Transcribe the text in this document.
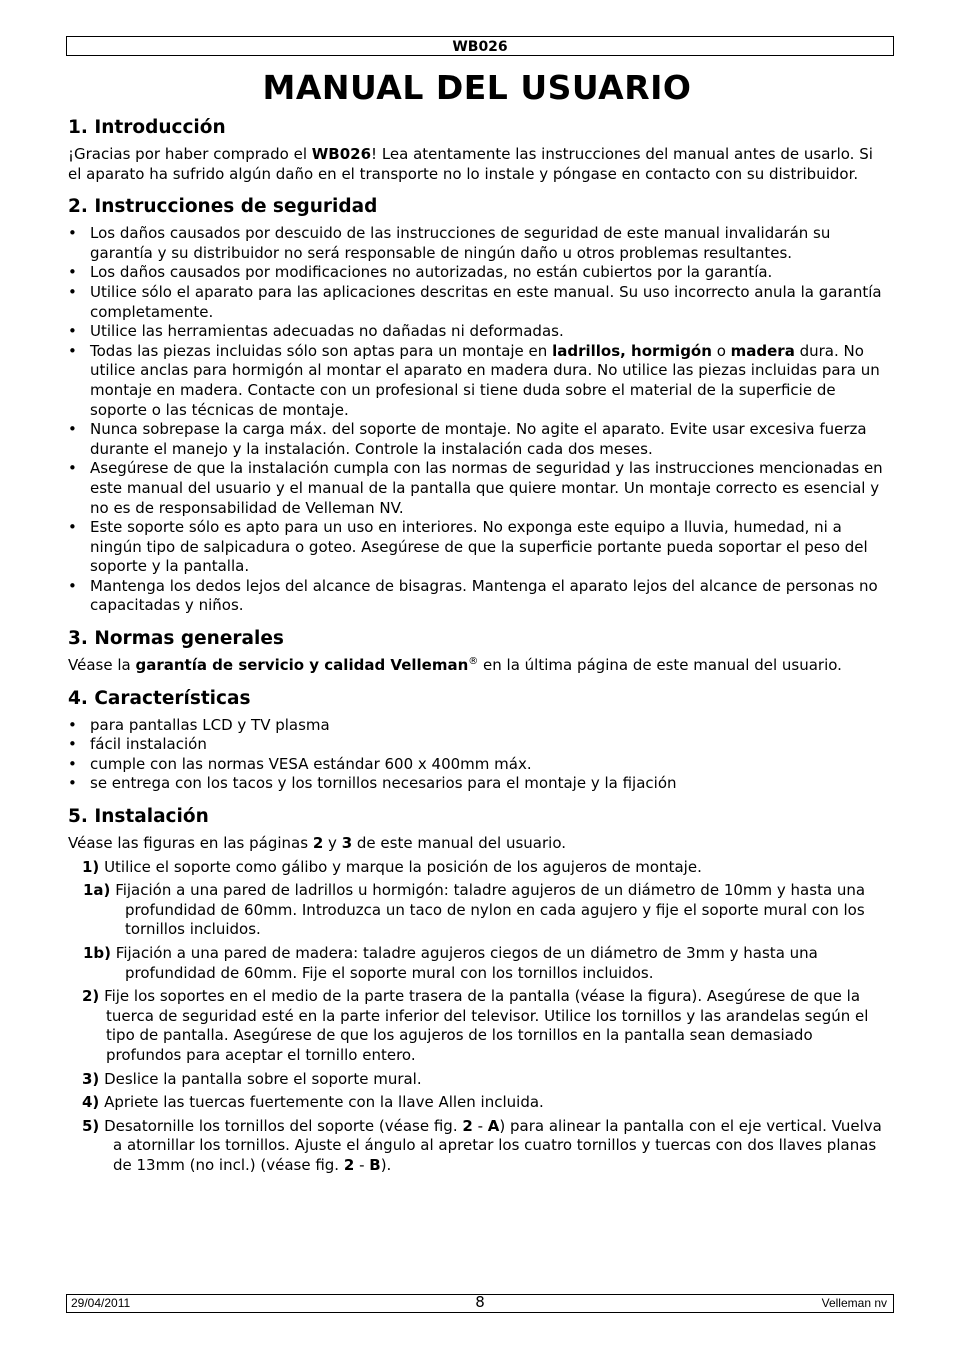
WB026
MANUAL DEL USUARIO
1. Introducción

¡Gracias por haber comprado el WB026! Lea atentamente las instrucciones del manual antes de usarlo. Si el aparato ha sufrido algún daño en el transporte no lo instale y póngase en contacto con su distribuidor.

2. Instrucciones de seguridad
• Los daños causados por descuido de las instrucciones de seguridad de este manual invalidarán su garantía y su distribuidor no será responsable de ningún daño u otros problemas resultantes.
• Los daños causados por modificaciones no autorizadas, no están cubiertos por la garantía.
• Utilice sólo el aparato para las aplicaciones descritas en este manual. Su uso incorrecto anula la garantía completamente.
• Utilice las herramientas adecuadas no dañadas ni deformadas.
• Todas las piezas incluidas sólo son aptas para un montaje en ladrillos, hormigón o madera dura. No utilice anclas para hormigón al montar el aparato en madera dura. No utilice las piezas incluidas para un montaje en madera. Contacte con un profesional si tiene duda sobre el material de la superficie de soporte o las técnicas de montaje.
• Nunca sobrepase la carga máx. del soporte de montaje. No agite el aparato. Evite usar excesiva fuerza durante el manejo y la instalación. Controle la instalación cada dos meses.
• Asegúrese de que la instalación cumpla con las normas de seguridad y las instrucciones mencionadas en este manual del usuario y el manual de la pantalla que quiere montar. Un montaje correcto es esencial y no es de responsabilidad de Velleman NV.
• Este soporte sólo es apto para un uso en interiores. No exponga este equipo a lluvia, humedad, ni a ningún tipo de salpicadura o goteo. Asegúrese de que la superficie portante pueda soportar el peso del soporte y la pantalla.
• Mantenga los dedos lejos del alcance de bisagras. Mantenga el aparato lejos del alcance de personas no capacitadas y niños.
3. Normas generales

Véase la garantía de servicio y calidad Velleman® en la última página de este manual del usuario.

4. Características
• para pantallas LCD y TV plasma
• fácil instalación
• cumple con las normas VESA estándar 600 x 400mm máx.
• se entrega con los tacos y los tornillos necesarios para el montaje y la fijación
5. Instalación

Véase las figuras en las páginas 2 y 3 de este manual del usuario.

1) Utilice el soporte como gálibo y marque la posición de los agujeros de montaje.

1a) Fijación a una pared de ladrillos u hormigón: taladre agujeros de un diámetro de 10mm y hasta una profundidad de 60mm. Introduzca un taco de nylon en cada agujero y fije el soporte mural con los tornillos incluidos.

1b) Fijación a una pared de madera: taladre agujeros ciegos de un diámetro de 3mm y hasta una profundidad de 60mm. Fije el soporte mural con los tornillos incluidos.

2) Fije los soportes en el medio de la parte trasera de la pantalla (véase la figura). Asegúrese de que la tuerca de seguridad esté en la parte inferior del televisor. Utilice los tornillos y las arandelas según el tipo de pantalla. Asegúrese de que los agujeros de los tornillos en la pantalla sean demasiado profundos para aceptar el tornillo entero.

3) Deslice la pantalla sobre el soporte mural.

4) Apriete las tuercas fuertemente con la llave Allen incluida.

5) Desatornille los tornillos del soporte (véase fig. 2 - A) para alinear la pantalla con el eje vertical. Vuelva a atornillar los tornillos. Ajuste el ángulo al apretar los cuatro tornillos y tuercas con dos llaves planas de 13mm (no incl.) (véase fig. 2 - B).

29/04/2011	8	Velleman nv
